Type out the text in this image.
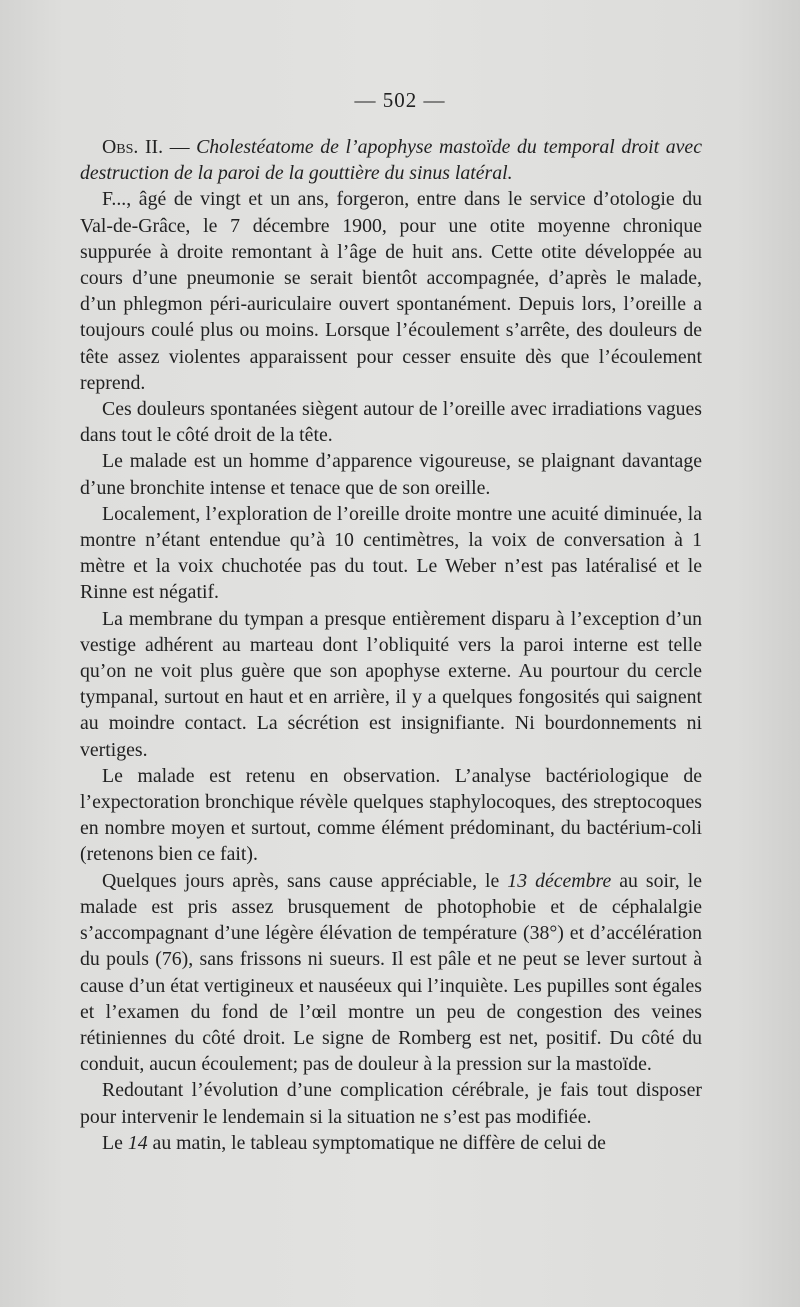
— 502 —

Obs. II. — Cholestéatome de l’apophyse mastoïde du temporal droit avec destruction de la paroi de la gouttière du sinus latéral.

F..., âgé de vingt et un ans, forgeron, entre dans le service d’otologie du Val-de-Grâce, le 7 décembre 1900, pour une otite moyenne chronique suppurée à droite remontant à l’âge de huit ans. Cette otite développée au cours d’une pneumonie se serait bientôt accompagnée, d’après le malade, d’un phlegmon péri-auriculaire ouvert spontanément. Depuis lors, l’oreille a toujours coulé plus ou moins. Lorsque l’écoulement s’arrête, des douleurs de tête assez violentes apparaissent pour cesser ensuite dès que l’écoulement reprend.

Ces douleurs spontanées siègent autour de l’oreille avec irradiations vagues dans tout le côté droit de la tête.

Le malade est un homme d’apparence vigoureuse, se plaignant davantage d’une bronchite intense et tenace que de son oreille.

Localement, l’exploration de l’oreille droite montre une acuité diminuée, la montre n’étant entendue qu’à 10 centimètres, la voix de conversation à 1 mètre et la voix chuchotée pas du tout. Le Weber n’est pas latéralisé et le Rinne est négatif.

La membrane du tympan a presque entièrement disparu à l’exception d’un vestige adhérent au marteau dont l’obliquité vers la paroi interne est telle qu’on ne voit plus guère que son apophyse externe. Au pourtour du cercle tympanal, surtout en haut et en arrière, il y a quelques fongosités qui saignent au moindre contact. La sécrétion est insignifiante. Ni bourdonnements ni vertiges.

Le malade est retenu en observation. L’analyse bactériologique de l’expectoration bronchique révèle quelques staphylocoques, des streptocoques en nombre moyen et surtout, comme élément prédominant, du bactérium-coli (retenons bien ce fait).

Quelques jours après, sans cause appréciable, le 13 décembre au soir, le malade est pris assez brusquement de photophobie et de céphalalgie s’accompagnant d’une légère élévation de température (38°) et d’accélération du pouls (76), sans frissons ni sueurs. Il est pâle et ne peut se lever surtout à cause d’un état vertigineux et nauséeux qui l’inquiète. Les pupilles sont égales et l’examen du fond de l’œil montre un peu de congestion des veines rétiniennes du côté droit. Le signe de Romberg est net, positif. Du côté du conduit, aucun écoulement; pas de douleur à la pression sur la mastoïde.

Redoutant l’évolution d’une complication cérébrale, je fais tout disposer pour intervenir le lendemain si la situation ne s’est pas modifiée.

Le 14 au matin, le tableau symptomatique ne diffère de celui de
